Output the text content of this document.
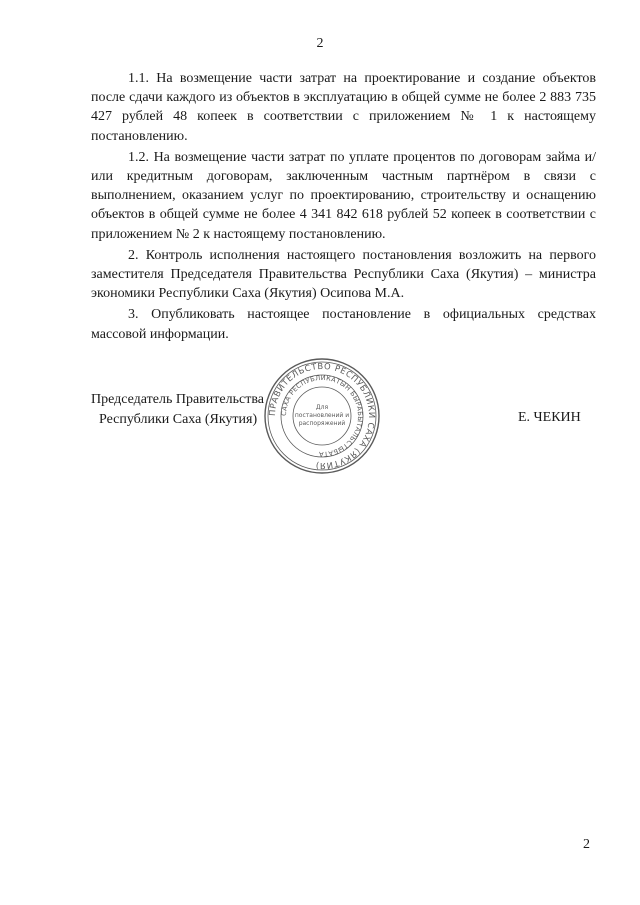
2

1.1. На возмещение части затрат на проектирование и создание объектов после сдачи каждого из объектов в эксплуатацию в общей сумме не более 2 883 735 427 рублей 48 копеек в соответствии с приложением № 1 к настоящему постановлению.

1.2. На возмещение части затрат по уплате процентов по договорам займа и/или кредитным договорам, заключенным частным партнёром в связи с выполнением, оказанием услуг по проектированию, строительству и оснащению объектов в общей сумме не более 4 341 842 618 рублей 52 копеек в соответствии с приложением № 2 к настоящему постановлению.

2. Контроль исполнения настоящего постановления возложить на первого заместителя Председателя Правительства Республики Саха (Якутия) – министра экономики Республики Саха (Якутия) Осипова М.А.

3. Опубликовать настоящее постановление в официальных средствах массовой информации.

Председатель Правительства
Республики Саха (Якутия)	ПРАВИТЕЛЬСТВО РЕСПУБЛИКИ САХА (ЯКУТИЯ)
САХА РЕСПУБЛИКАТЫН БЫРАБЫТАЛЬСТЫБАТА
Для
постановлений и
распоряжений	Е. ЧЕКИН
2
